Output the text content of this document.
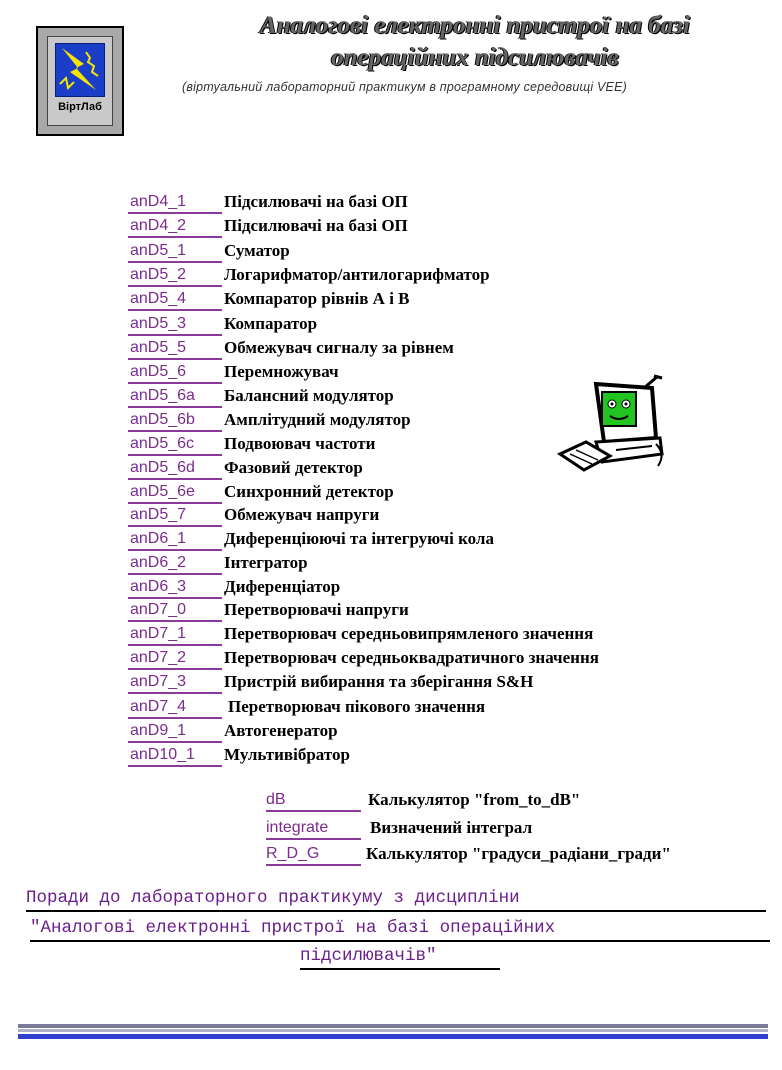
ВіртЛаб
Аналогові електронні пристрої на базі
операційних підсилювачів
(віртуальний лабораторний практикум в програмному середовищі VEE)
anD4_1	Підсилювачі на базі ОП
anD4_2	Підсилювачі на базі ОП
anD5_1	Суматор
anD5_2	Логарифматор/антилогарифматор
anD5_4	Компаратор рівнів А і В
anD5_3	Компаратор
anD5_5	Обмежувач сигналу за рівнем
anD5_6	Перемножувач
anD5_6a	Балансний модулятор
anD5_6b	Амплітудний модулятор
anD5_6c	Подвоювач частоти
anD5_6d	Фазовий детектор
anD5_6e	Синхронний детектор
anD5_7	Обмежувач напруги
anD6_1	Диференціюючі та інтегруючі кола
anD6_2	Інтегратор
anD6_3	Диференціатор
anD7_0	Перетворювачі напруги
anD7_1	Перетворювач середньовипрямленого значення
anD7_2	Перетворювач середньоквадратичного значення
anD7_3	Пристрій вибирання та зберігання S&H
anD7_4	Перетворювач пікового значення
anD9_1	Автогенератор
anD10_1	Мультивібратор
dB	Калькулятор "from_to_dB"
integrate	Визначений інтеграл
R_D_G	Калькулятор "градуси_радіани_гради"
Поради до лабораторного практикуму з дисципліни
"Аналогові електронні пристрої на базі операційних
підсилювачів"
